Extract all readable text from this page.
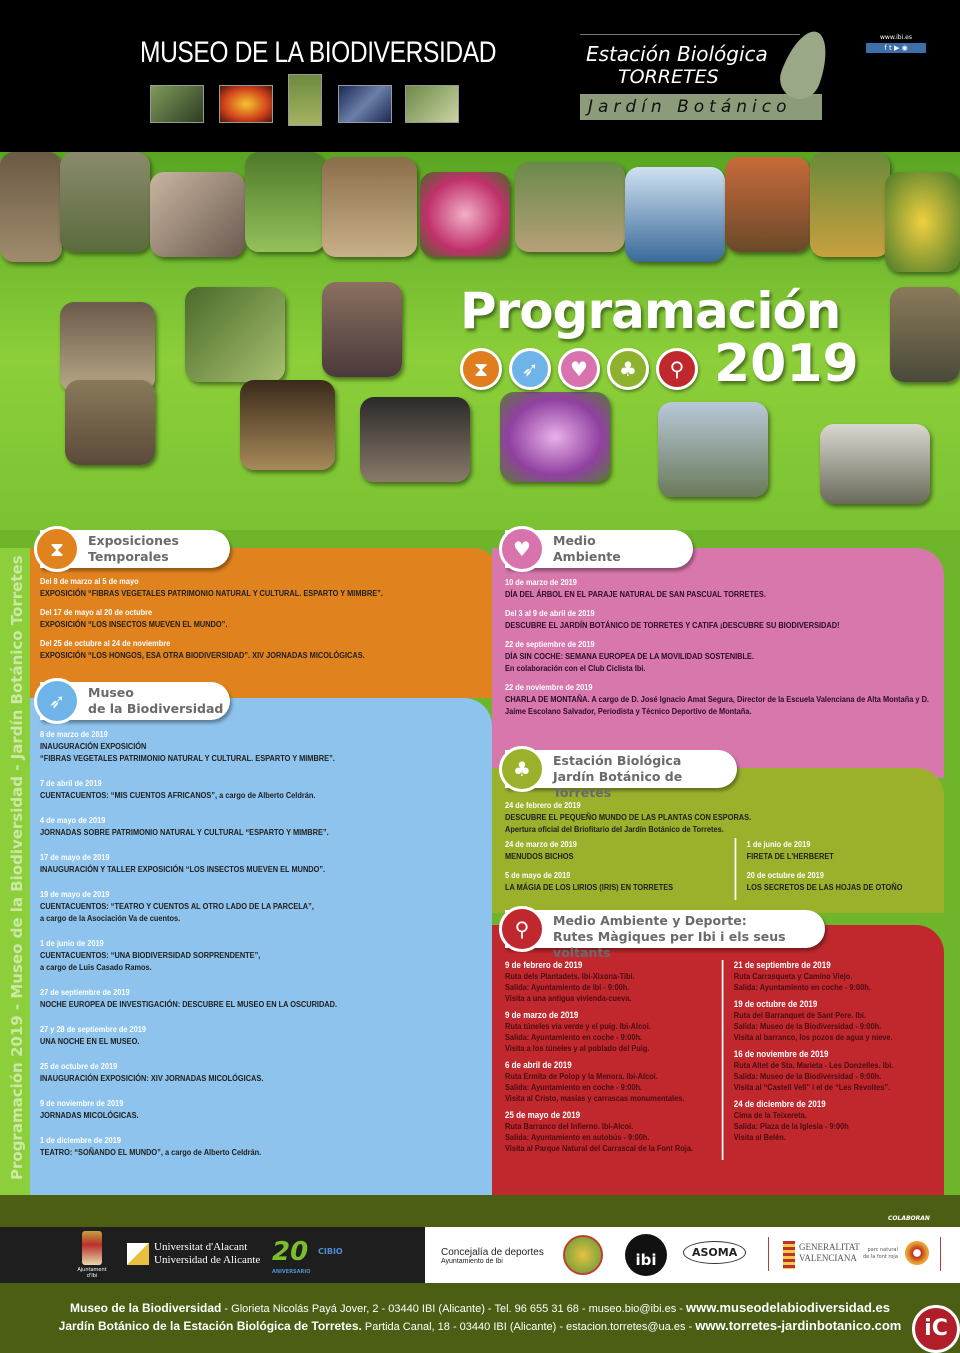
MUSEO DE LA BIODIVERSIDAD	Estación Biológica
TORRETES
Jardín Botánico
www.ibi.es
f t ▶ ◉
Programación
2019
⧗	➶	♥	♣	⚲
Programación 2019 - Museo de la Biodiversidad - Jardín Botánico Torretes
⧗	Exposiciones
Temporales
Del 8 de marzo al 5 de mayo
EXPOSICIÓN “FIBRAS VEGETALES PATRIMONIO NATURAL Y CULTURAL. ESPARTO Y MIMBRE”.
Del 17 de mayo al 20 de octubre
EXPOSICIÓN “LOS INSECTOS MUEVEN EL MUNDO”.
Del 25 de octubre al 24 de noviembre
EXPOSICIÓN “LOS HONGOS, ESA OTRA BIODIVERSIDAD”. XIV JORNADAS MICOLÓGICAS.
➶	Museo
de la Biodiversidad
8 de marzo de 2019
INAUGURACIÓN EXPOSICIÓN
“FIBRAS VEGETALES PATRIMONIO NATURAL Y CULTURAL. ESPARTO Y MIMBRE”.
7 de abril de 2019
CUENTACUENTOS: “MIS CUENTOS AFRICANOS”, a cargo de Alberto Celdrán.
4 de mayo de 2019
JORNADAS SOBRE PATRIMONIO NATURAL Y CULTURAL “ESPARTO Y MIMBRE”.
17 de mayo de 2019
INAUGURACIÓN Y TALLER EXPOSICIÓN “LOS INSECTOS MUEVEN EL MUNDO”.
19 de mayo de 2019
CUENTACUENTOS: “TEATRO Y CUENTOS AL OTRO LADO DE LA PARCELA”,
a cargo de la Asociación Va de cuentos.
1 de junio de 2019
CUENTACUENTOS: “UNA BIODIVERSIDAD SORPRENDENTE”,
a cargo de Luis Casado Ramos.
27 de septiembre de 2019
NOCHE EUROPEA DE INVESTIGACIÓN: DESCUBRE EL MUSEO EN LA OSCURIDAD.
27 y 28 de septiembre de 2019
UNA NOCHE EN EL MUSEO.
25 de octubre de 2019
INAUGURACIÓN EXPOSICIÓN: XIV JORNADAS MICOLÓGICAS.
9 de noviembre de 2019
JORNADAS MICOLÓGICAS.
1 de diciembre de 2019
TEATRO: “SOÑANDO EL MUNDO”, a cargo de Alberto Celdrán.
♥	Medio
Ambiente
10 de marzo de 2019
DÍA DEL ÁRBOL EN EL PARAJE NATURAL DE SAN PASCUAL TORRETES.
Del 3 al 9 de abril de 2019
DESCUBRE EL JARDÍN BOTÁNICO DE TORRETES Y CATIFA ¡DESCUBRE SU BIODIVERSIDAD!
22 de septiembre de 2019
DÍA SIN COCHE: SEMANA EUROPEA DE LA MOVILIDAD SOSTENIBLE.
En colaboración con el Club Ciclista Ibi.
22 de noviembre de 2019
CHARLA DE MONTAÑA. A cargo de D. José Ignacio Amat Segura, Director de la Escuela Valenciana de Alta Montaña y D. Jaime Escolano Salvador, Periodista y Técnico Deportivo de Montaña.
♣	Estación Biológica
Jardín Botánico de Torretes
24 de febrero de 2019
DESCUBRE EL PEQUEÑO MUNDO DE LAS PLANTAS CON ESPORAS.
Apertura oficial del Briofitario del Jardín Botánico de Torretes.
24 de marzo de 2019
MENUDOS BICHOS
5 de mayo de 2019
LA MÁGIA DE LOS LIRIOS (IRIS) EN TORRETES
1 de junio de 2019
FIRETA DE L'HERBERET
20 de octubre de 2019
LOS SECRETOS DE LAS HOJAS DE OTOÑO
⚲	Medio Ambiente y Deporte:
Rutes Màgiques per Ibi i els seus voltants
9 de febrero de 2019
Ruta dels Plantadets. Ibi-Xixona-Tibi.
Salida: Ayuntamiento de Ibi - 9:00h.
Visita a una antigua vivienda-cueva.
9 de marzo de 2019
Ruta túneles vía verde y el puig. Ibi-Alcoi.
Salida: Ayuntamiento en coche - 9:00h.
Visita a los túneles y al poblado del Puig.
6 de abril de 2019
Ruta Ermita de Polop y la Menora. Ibi-Alcoi.
Salida: Ayuntamiento en coche - 9:00h.
Visita al Cristo, masías y carrascas monumentales.
25 de mayo de 2019
Ruta Barranco del Infierno. Ibi-Alcoi.
Salida: Ayuntamiento en autobús - 9:00h.
Visita al Parque Natural del Carrascal de la Font Roja.
21 de septiembre de 2019
Ruta Carrasqueta y Camino Viejo.
Salida: Ayuntamiento en coche - 9:00h.
19 de octubre de 2019
Ruta del Barranquet de Sant Pere. Ibi.
Salida: Museo de la Biodiversidad - 9:00h.
Visita al barranco, los pozos de agua y nieve.
16 de noviembre de 2019
Ruta Altet de Sta. Marieta - Les Donzelles. Ibi.
Salida: Museo de la Biodiversidad - 9:00h.
Visita al “Castell Vell” i el de “Les Revoltes”.
24 de diciembre de 2019
Cima de la Teixereta.
Salida: Plaza de la Iglesia - 9:00h
Visita al Belén.
COLABORAN
Ajuntament d'Ibi
Universitat d'Alacant
Universidad de Alicante 20 CIBIO
ANIVERSARIO
Concejalía de deportes
Ayuntamiento de Ibi	ibi	ASOMA	GENERALITAT
VALENCIANA
parc natural
de la font roja
Museo de la Biodiversidad - Glorieta Nicolás Payá Jover, 2 - 03440 IBI (Alicante) - Tel. 96 655 31 68 - museo.bio@ibi.es - www.museodelabiodiversidad.es
Jardín Botánico de la Estación Biológica de Torretes. Partida Canal, 18 - 03440 IBI (Alicante) - estacion.torretes@ua.es - www.torretes-jardinbotanico.com	iC
